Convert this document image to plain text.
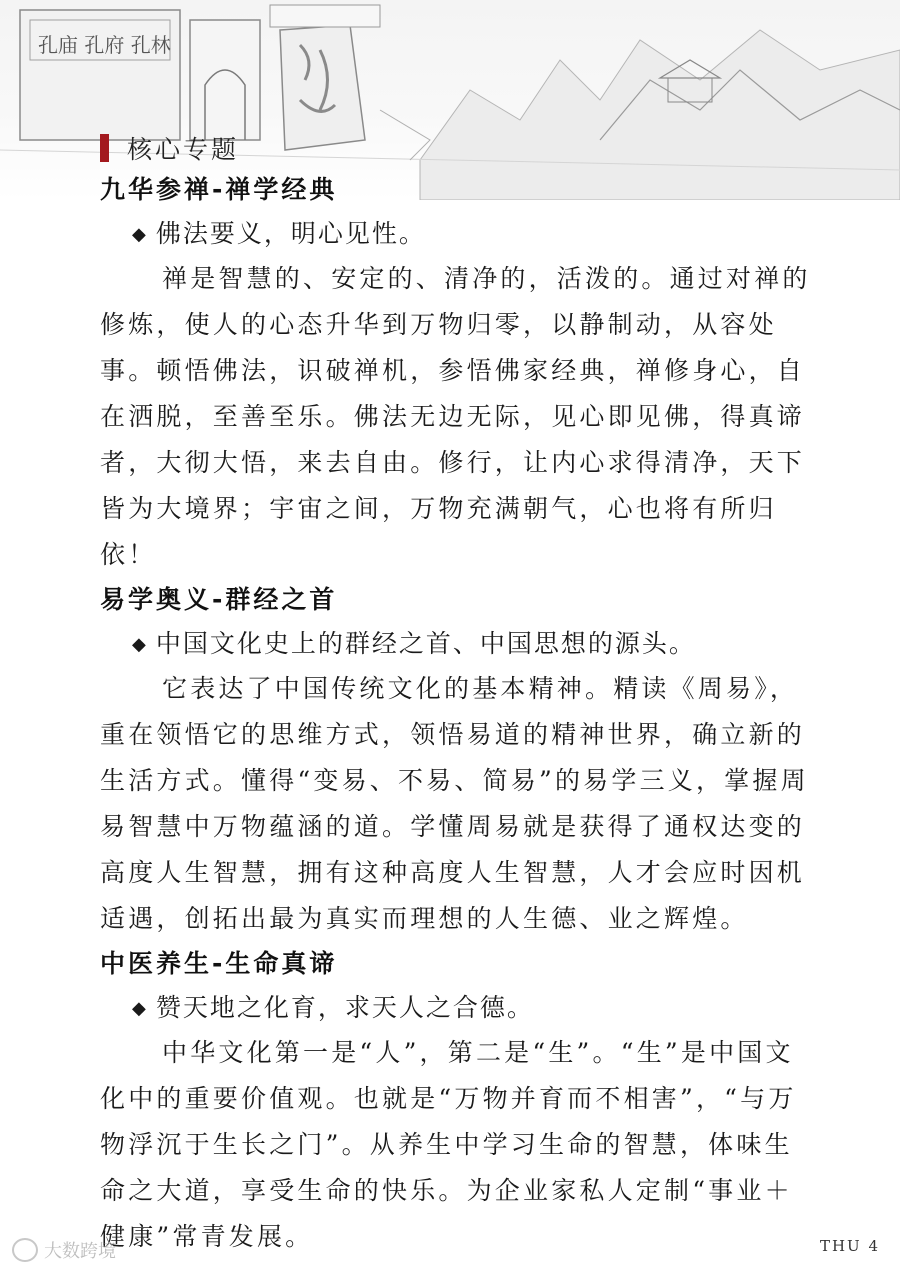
孔庙 孔府 孔林
核心专题
九华参禅-禅学经典
◆ 佛法要义，明心见性。

禅是智慧的、安定的、清净的，活泼的。通过对禅的修炼，使人的心态升华到万物归零，以静制动，从容处事。顿悟佛法，识破禅机，参悟佛家经典，禅修身心，自在洒脱，至善至乐。佛法无边无际，见心即见佛，得真谛者，大彻大悟，来去自由。修行，让内心求得清净，天下皆为大境界；宇宙之间，万物充满朝气，心也将有所归依！

易学奥义-群经之首
◆ 中国文化史上的群经之首、中国思想的源头。

它表达了中国传统文化的基本精神。精读《周易》，重在领悟它的思维方式，领悟易道的精神世界，确立新的生活方式。懂得“变易、不易、简易”的易学三义，掌握周易智慧中万物蕴涵的道。学懂周易就是获得了通权达变的高度人生智慧，拥有这种高度人生智慧，人才会应时因机适遇，创拓出最为真实而理想的人生德、业之辉煌。

中医养生-生命真谛
◆ 赞天地之化育，求天人之合德。

中华文化第一是“人”，第二是“生”。“生”是中国文化中的重要价值观。也就是“万物并育而不相害”，“与万物浮沉于生长之门”。从养生中学习生命的智慧，体味生命之大道，享受生命的快乐。为企业家私人定制“事业＋健康”常青发展。

大数跨境	THU 4
